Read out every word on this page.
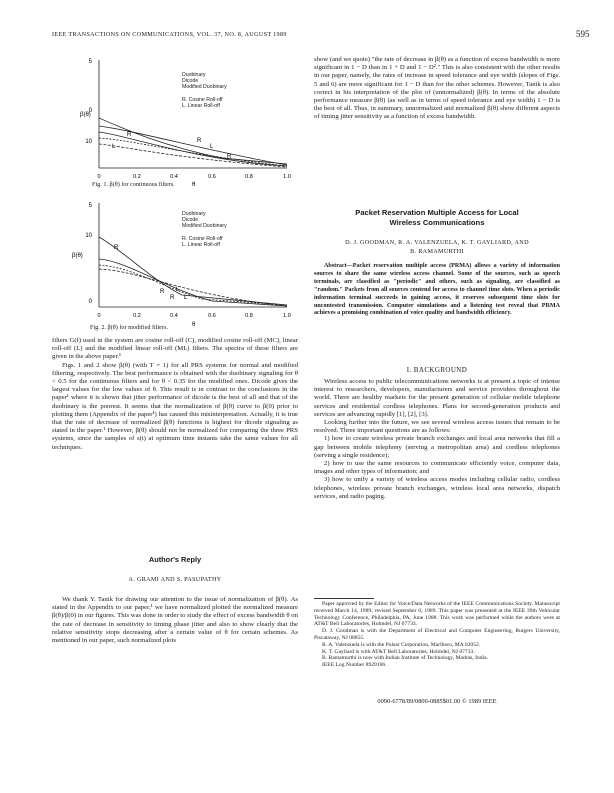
IEEE TRANSACTIONS ON COMMUNICATIONS, VOL. 37, NO. 8, AUGUST 1989	595
5
0
10
β(θ)
0	0.2	0.4	0.6	0.8	1.0
θ
R
L
R
L
R
Duobinary
Dicode
Modified Duobinary
R. Cosine Roll-off
L. Linear Roll-off
Fig. 1. β(θ) for continuous filters.
5
10
0
β(θ)
0	0.2	0.4	0.6	0.8	1.0
θ
R
R L
L
R
Duobinary
Dicode
Modified Duobinary
R. Cosine Roll-off
L. Linear Roll-off
Fig. 2. β(θ) for modified filters.

filters G(f) used in the system are cosine roll-off (C), modified cosine roll-off (MC), linear roll-off (L) and the modified linear roll-off (ML) filters. The spectra of these filters are given in the above paper.¹

Figs. 1 and 2 show β(θ) (with T = 1) for all PRS systems for normal and modified filtering, respectively. The best performance is obtained with the duobinary signaling for θ < 0.5 for the continuous filters and for θ < 0.35 for the modified ones. Dicode gives the largest values for the low values of θ. This result is in contrast to the conclusions in the paper¹ where it is shown that jitter performance of dicode is the best of all and that of the duobinary is the poorest. It seems that the normalization of β(θ) curve to β(0) prior to plotting them (Appendix of the paper¹) has caused this misinterpretation. Actually, it is true that the rate of decrease of normalized β(θ) functions is highest for dicode signaling as stated in the paper.¹ However, β(θ) should not be normalized for comparing the three PRS systems, since the samples of s(t) at optimum time instants take the same values for all techniques.

Author's Reply
A. GRAMI AND S. PASUPATHY
We thank Y. Tanik for drawing our attention to the issue of normalization of β(θ). As stated in the Appendix to our paper,¹ we have normalized plotted the normalized measure β(θ)/β(0) in our figures. This was done in order to study the effect of excess bandwidth θ on the rate of decrease in sensitivity to timing phase jitter and also to show clearly that the relative sensitivity stops decreasing after a certain value of θ for certain schemes. As mentioned in our paper, such normalized plots
show (and we quote) "the rate of decrease in β(θ) as a function of excess bandwidth is more significant in 1 − D than in 1 + D and 1 − D²." This is also consistent with the other results in our paper, namely, the rates of increase in speed tolerance and eye width (slopes of Figs. 5 and 6) are more significant for 1 − D than for the other schemes. However, Tanik is also correct in his interpretation of the plot of (unnormalized) β(θ). In terms of the absolute performance measure β(θ) (as well as in terms of speed tolerance and eye width) 1 − D is the best of all. Thus, in summary, unnormalized and normalized β(θ) show different aspects of timing jitter sensitivity as a function of excess bandwidth.
Packet Reservation Multiple Access for Local
Wireless Communications
D. J. GOODMAN, R. A. VALENZUELA, K. T. GAYLIARD, AND
B. RAMAMURTHI
Abstract—Packet reservation multiple access (PRMA) allows a variety of information sources to share the same wireless access channel. Some of the sources, such as speech terminals, are classified as "periodic" and others, such as signaling, are classified as "random." Packets from all sources contend for access to channel time slots. When a periodic information terminal succeeds in gaining access, it reserves subsequent time slots for uncontested transmission. Computer simulations and a listening test reveal that PRMA achieves a promising combination of voice quality and bandwidth efficiency.
I. BACKGROUND

Wireless access to public telecommunications networks is at present a topic of intense interest to researchers, developers, manufacturers and service providers throughout the world. There are healthy markets for the present generation of cellular mobile telephone services and residential cordless telephones. Plans for second-generation products and services are advancing rapidly [1], [2], [3].

Looking further into the future, we see several wireless access issues that remain to be resolved. Three important questions are as follows:

1) how to create wireless private branch exchanges and local area networks that fill a gap between mobile telephony (serving a metropolitan area) and cordless telephones (serving a single residence);

2) how to use the same resources to communicate efficiently voice, computer data, images and other types of information; and

3) how to unify a variety of wireless access modes including cellular radio, cordless telephones, wireless private branch exchanges, wireless local area networks, dispatch services, and radio paging.

Paper approved by the Editor for Voice/Data Networks of the IEEE Communications Society. Manuscript received March 14, 1989; revised September 6, 1989. This paper was presented at the IEEE 39th Vehicular Technology Conference, Philadelphia, PA, June 1988. This work was performed while the authors were at AT&T Bell Laboratories, Holmdel, NJ 07733.
D. J. Goodman is with the Department of Electrical and Computer Engineering, Rutgers University, Piscataway, NJ 08855.
R. A. Valenzuela is with the Pulsar Corporation, Marlboro, MA 02052.
K. T. Gayliard is with AT&T Bell Laboratories, Holmdel, NJ 07733.
B. Ramamurthi is now with Indian Institute of Technology, Madras, India.
IEEE Log Number 8929106.
0090-6778/89/0800-0885$01.00 © 1989 IEEE
